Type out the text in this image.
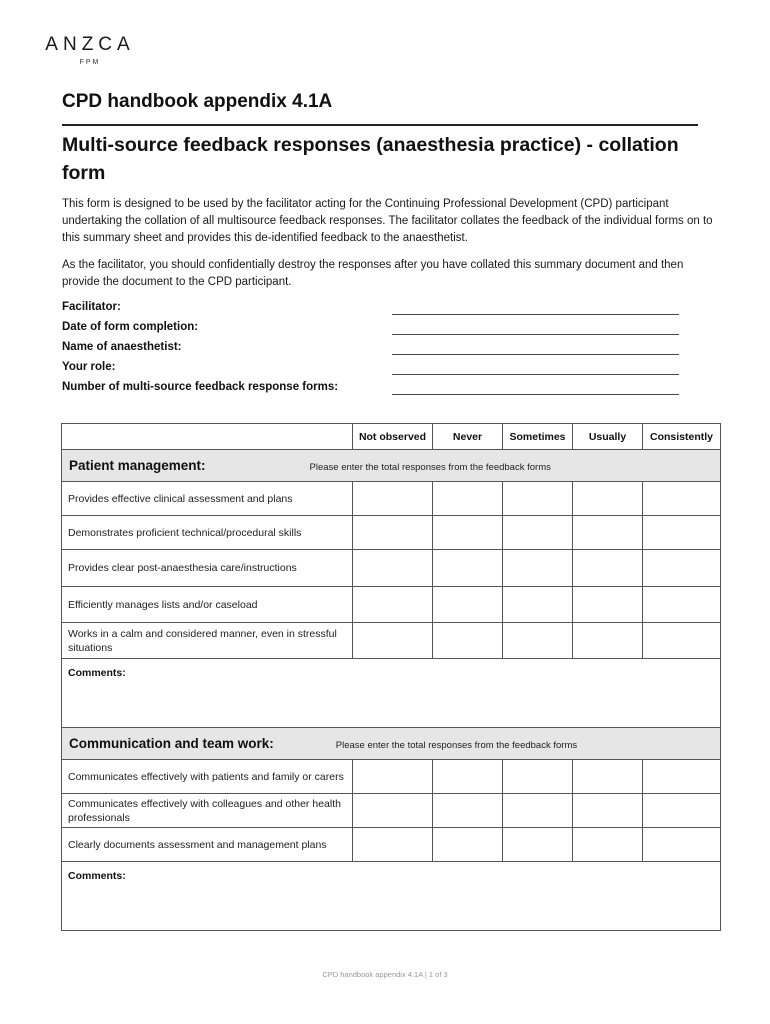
ANZCA
FPM
CPD handbook appendix 4.1A
Multi-source feedback responses (anaesthesia practice) - collation form
This form is designed to be used by the facilitator acting for the Continuing Professional Development (CPD) participant undertaking the collation of all multisource feedback responses. The facilitator collates the feedback of the individual forms on to this summary sheet and provides this de-identified feedback to the anaesthetist.
As the facilitator, you should confidentially destroy the responses after you have collated this summary document and then provide the document to the CPD participant.
Facilitator:
Date of form completion:
Name of anaesthetist:
Your role:
Number of multi-source feedback response forms:
	Not observed	Never	Sometimes	Usually	Consistently
Patient management: Please enter the total responses from the feedback forms					
Provides effective clinical assessment and plans					
Demonstrates proficient technical/procedural skills					
Provides clear post-anaesthesia care/instructions					
Efficiently manages lists and/or caseload					
Works in a calm and considered manner, even in stressful situations					
Comments:					
Communication and team work: Please enter the total responses from the feedback forms					
Communicates effectively with patients and family or carers					
Communicates effectively with colleagues and other health professionals					
Clearly documents assessment and management plans					
Comments:					
CPD handbook appendix 4.1A | 1 of 3
